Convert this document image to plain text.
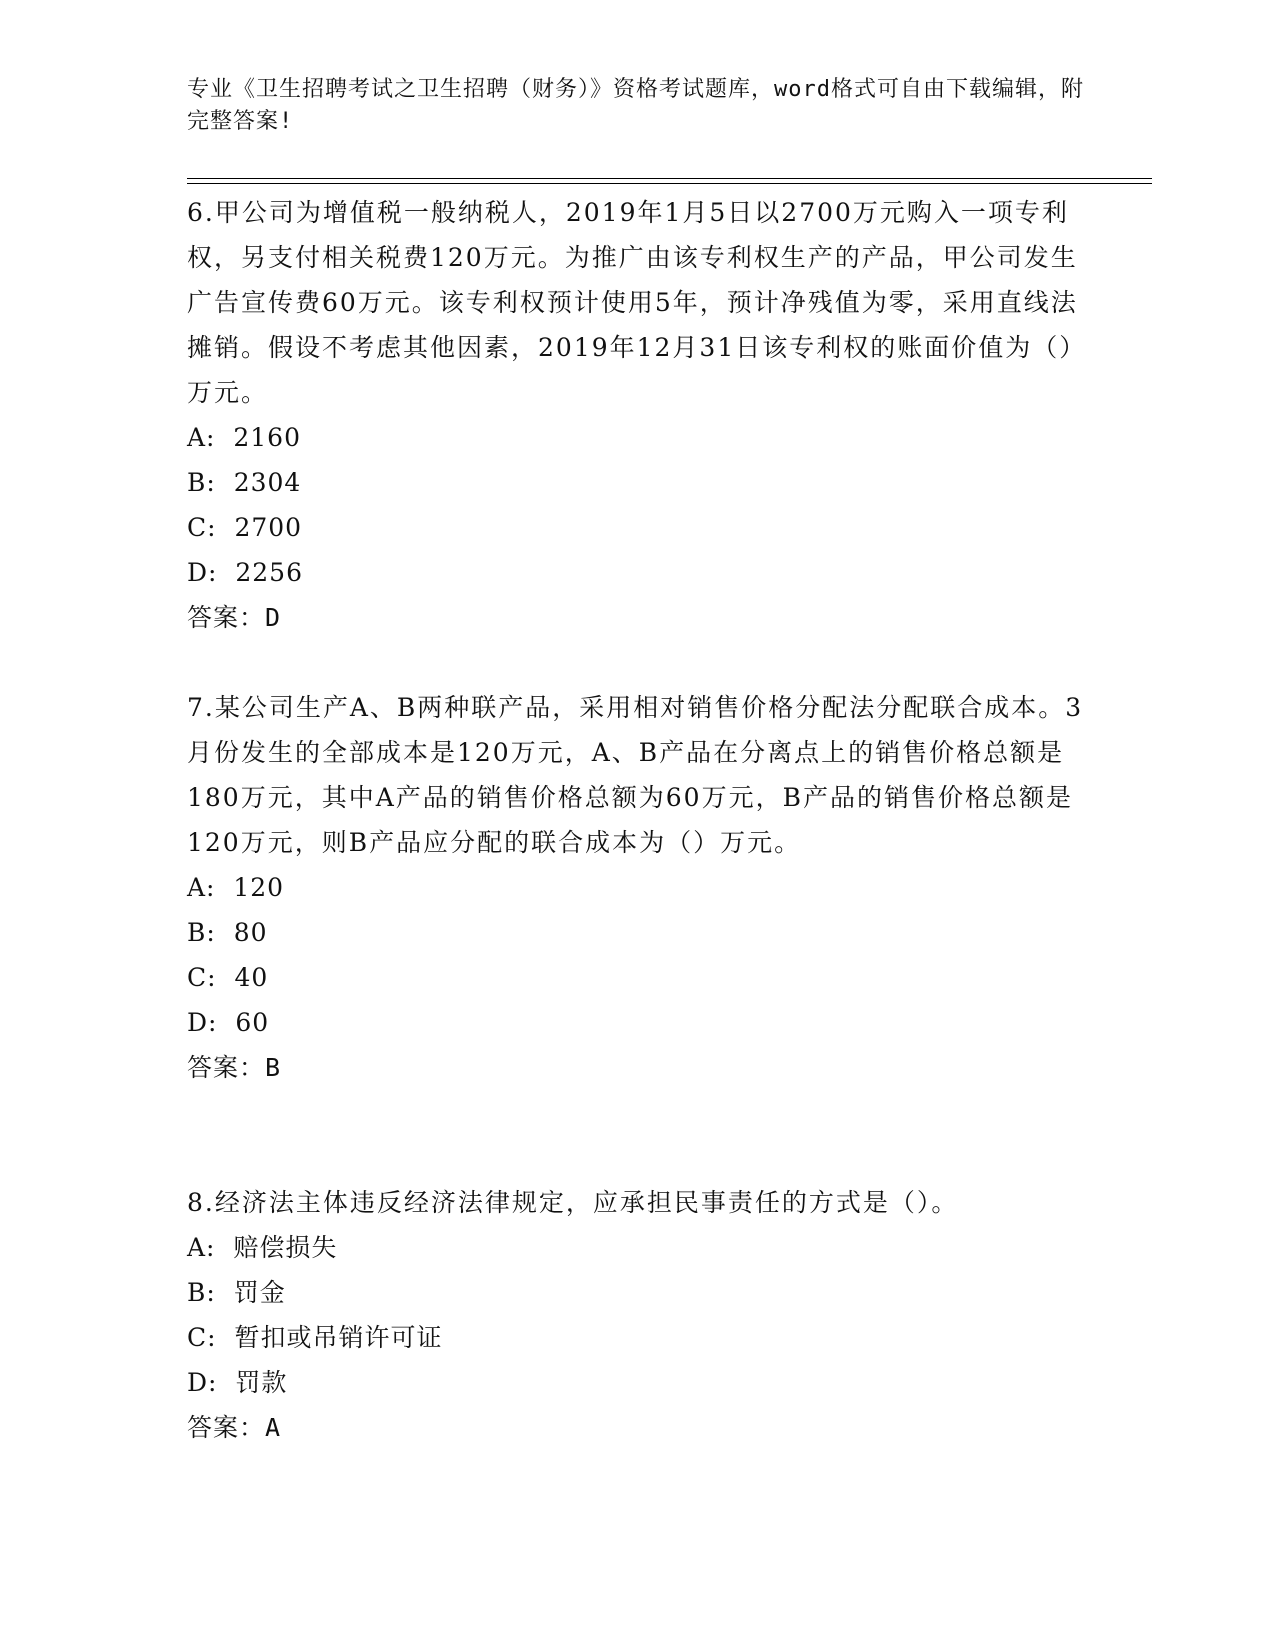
专业《卫生招聘考试之卫生招聘（财务）》资格考试题库，word格式可自由下载编辑，附完整答案!

6.甲公司为增值税一般纳税人，2019年1月5日以2700万元购入一项专利权，另支付相关税费120万元。为推广由该专利权生产的产品，甲公司发生广告宣传费60万元。该专利权预计使用5年，预计净残值为零，采用直线法摊销。假设不考虑其他因素，2019年12月31日该专利权的账面价值为（）万元。

A:  2160
B:  2304
C:  2700
D:  2256
答案：D

7.某公司生产A、B两种联产品，采用相对销售价格分配法分配联合成本。3月份发生的全部成本是120万元，A、B产品在分离点上的销售价格总额是180万元，其中A产品的销售价格总额为60万元，B产品的销售价格总额是120万元，则B产品应分配的联合成本为（）万元。

A:  120
B:  80
C:  40
D:  60
答案：B

8.经济法主体违反经济法律规定，应承担民事责任的方式是（）。

A:  赔偿损失
B:  罚金
C:  暂扣或吊销许可证
D:  罚款
答案：A
